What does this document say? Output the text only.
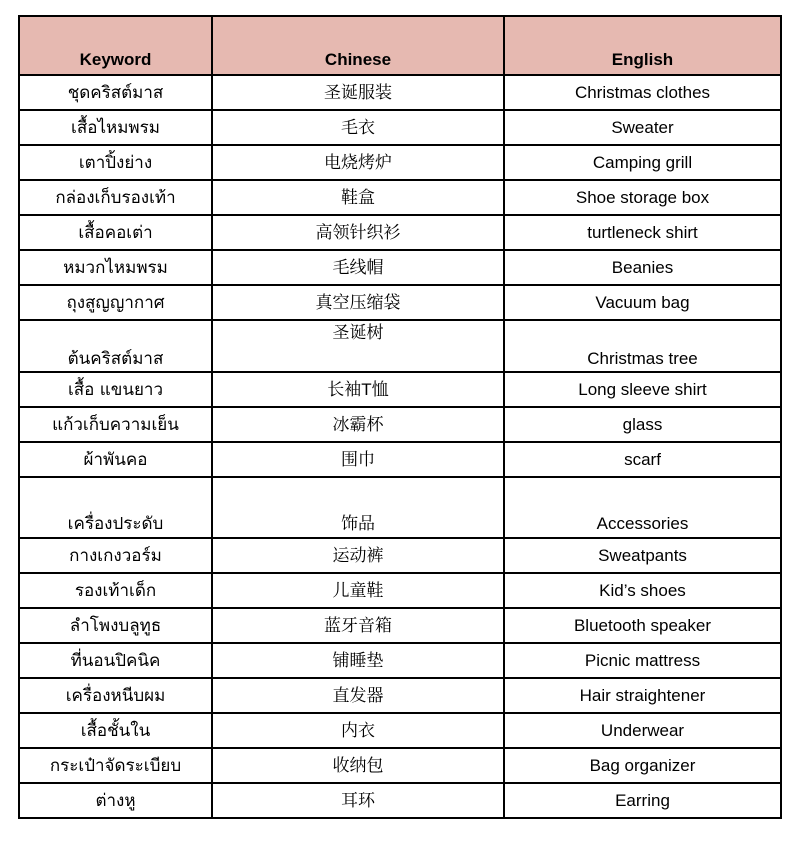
Keyword	Chinese	English
ชุดคริสต์มาส	圣诞服装	Christmas clothes
เสื้อไหมพรม	毛衣	Sweater
เตาปิ้งย่าง	电烧烤炉	Camping grill
กล่องเก็บรองเท้า	鞋盒	Shoe storage box
เสื้อคอเต่า	高领针织衫	turtleneck shirt
หมวกไหมพรม	毛线帽	Beanies
ถุงสูญญากาศ	真空压缩袋	Vacuum bag
ต้นคริสต์มาส	圣诞树	Christmas tree
เสื้อ แขนยาว	长袖T恤	Long sleeve shirt
แก้วเก็บความเย็น	冰霸杯	glass
ผ้าพันคอ	围巾	scarf
เครื่องประดับ	饰品	Accessories
กางเกงวอร์ม	运动裤	Sweatpants
รองเท้าเด็ก	儿童鞋	Kid’s shoes
ลำโพงบลูทูธ	蓝牙音箱	Bluetooth speaker
ที่นอนปิคนิค	铺睡垫	Picnic mattress
เครื่องหนีบผม	直发器	Hair straightener
เสื้อชั้นใน	内衣	Underwear
กระเป๋าจัดระเบียบ	收纳包	Bag organizer
ต่างหู	耳环	Earring
